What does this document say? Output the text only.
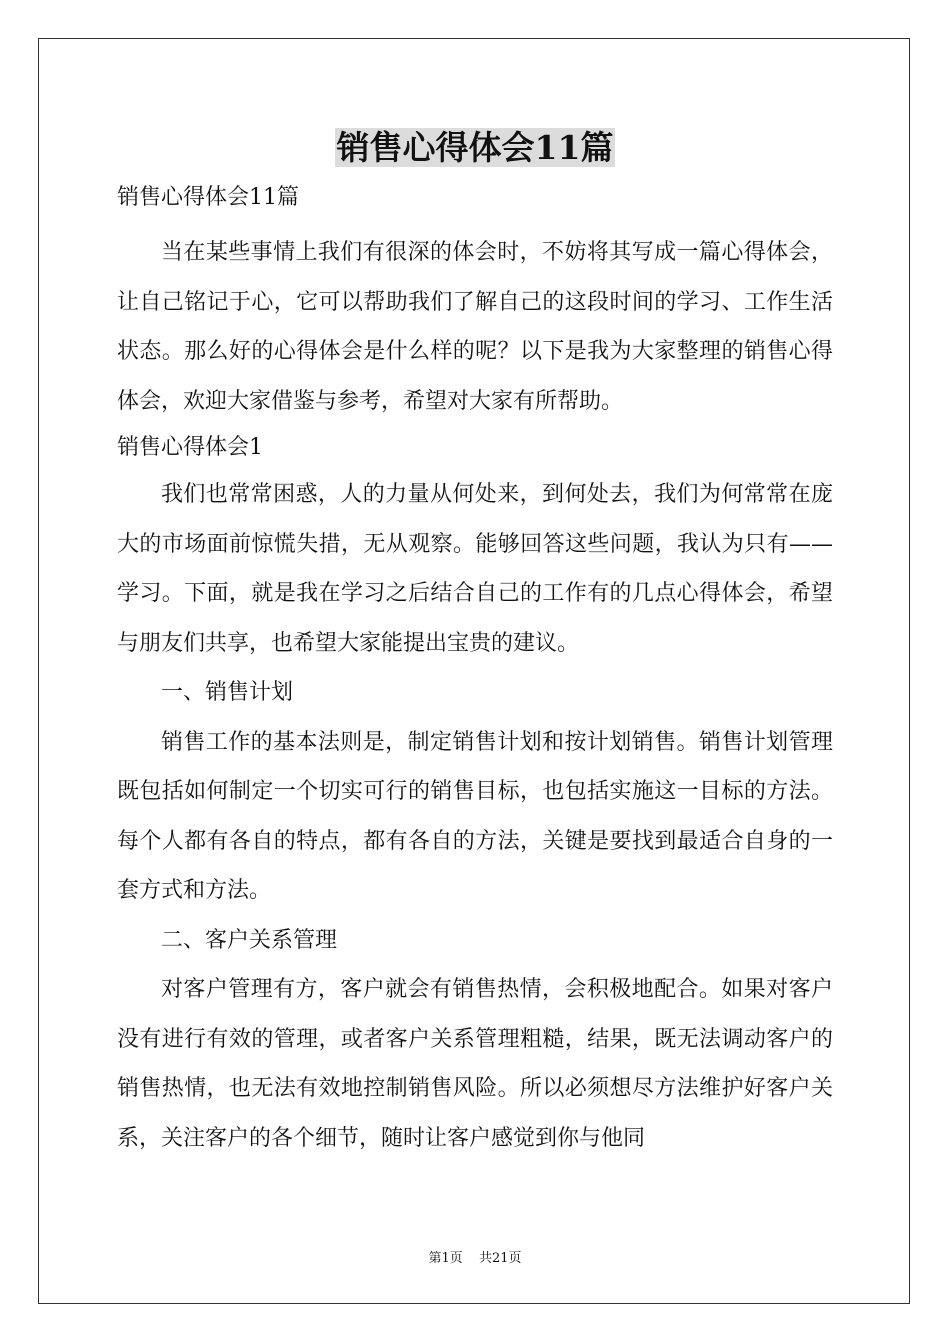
销售心得体会11篇

销售心得体会11篇

当在某些事情上我们有很深的体会时，不妨将其写成一篇心得体会，让自己铭记于心，它可以帮助我们了解自己的这段时间的学习、工作生活状态。那么好的心得体会是什么样的呢？以下是我为大家整理的销售心得体会，欢迎大家借鉴与参考，希望对大家有所帮助。

销售心得体会1

我们也常常困惑，人的力量从何处来，到何处去，我们为何常常在庞大的市场面前惊慌失措，无从观察。能够回答这些问题，我认为只有——学习。下面，就是我在学习之后结合自己的工作有的几点心得体会，希望与朋友们共享，也希望大家能提出宝贵的建议。

一、销售计划

销售工作的基本法则是，制定销售计划和按计划销售。销售计划管理既包括如何制定一个切实可行的销售目标，也包括实施这一目标的方法。每个人都有各自的特点，都有各自的方法，关键是要找到最适合自身的一套方式和方法。

二、客户关系管理

对客户管理有方，客户就会有销售热情，会积极地配合。如果对客户没有进行有效的管理，或者客户关系管理粗糙，结果，既无法调动客户的销售热情，也无法有效地控制销售风险。所以必须想尽方法维护好客户关系，关注客户的各个细节，随时让客户感觉到你与他同

第1页 共21页
